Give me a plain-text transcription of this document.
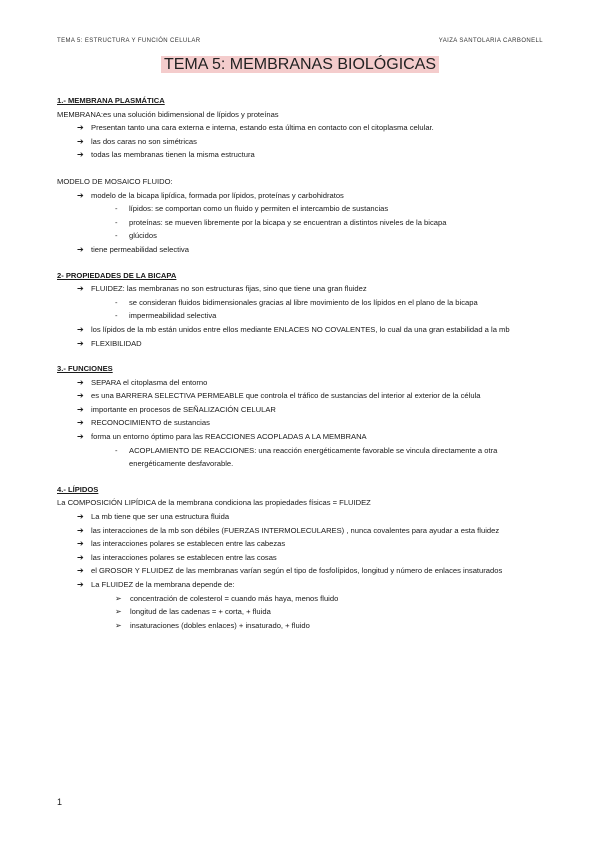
TEMA 5: ESTRUCTURA Y FUNCIÓN CELULAR	YAIZA SANTOLARIA CARBONELL
TEMA 5: MEMBRANAS BIOLÓGICAS
1.- MEMBRANA PLASMÁTICA
MEMBRANA:es una solución bidimensional de lípidos y proteínas
➔ Presentan tanto una cara externa e interna, estando esta última en contacto con el citoplasma celular.
➔ las dos caras no son simétricas
➔ todas las membranas tienen la misma estructura
MODELO DE MOSAICO FLUIDO:
➔ modelo de la bicapa lipídica, formada por lípidos, proteínas y carbohidratos
- lípidos: se comportan como un fluido y permiten el intercambio de sustancias
- proteínas: se mueven libremente por la bicapa y se encuentran a distintos niveles de la bicapa
- glúcidos
➔ tiene permeabilidad selectiva
2- PROPIEDADES DE LA BICAPA
➔ FLUIDEZ: las membranas no son estructuras fijas, sino que tiene una gran fluidez
- se consideran fluidos bidimensionales gracias al libre movimiento de los lípidos en el plano de la bicapa
- impermeabilidad selectiva
➔ los lípidos de la mb están unidos entre ellos mediante ENLACES NO COVALENTES, lo cual da una gran estabilidad a la mb
➔ FLEXIBILIDAD
3.- FUNCIONES
➔ SEPARA el citoplasma del entorno
➔ es una BARRERA SELECTIVA PERMEABLE que controla el tráfico de sustancias del interior al exterior de la célula
➔ importante en procesos de SEÑALIZACIÓN CELULAR
➔ RECONOCIMIENTO de sustancias
➔ forma un entorno óptimo para las REACCIONES ACOPLADAS A LA MEMBRANA
- ACOPLAMIENTO DE REACCIONES: una reacción energéticamente favorable se vincula directamente a otra energéticamente desfavorable.
4.- LÍPIDOS
La COMPOSICIÓN LIPÍDICA de la membrana condiciona las propiedades físicas = FLUIDEZ
➔ La mb tiene que ser una estructura fluida
➔ las interacciones de la mb son débiles (FUERZAS INTERMOLECULARES) , nunca covalentes para ayudar a esta fluidez
➔ las interacciones polares se establecen entre las cabezas
➔ las interacciones polares se establecen entre las cosas
➔ el GROSOR Y FLUIDEZ de las membranas varían según el tipo de fosfolípidos, longitud y número de enlaces insaturados
➔ La FLUIDEZ de la membrana depende de:
➢ concentración de colesterol = cuando más haya, menos fluido
➢ longitud de las cadenas = + corta, + fluida
➢ insaturaciones (dobles enlaces) + insaturado, + fluido
1
